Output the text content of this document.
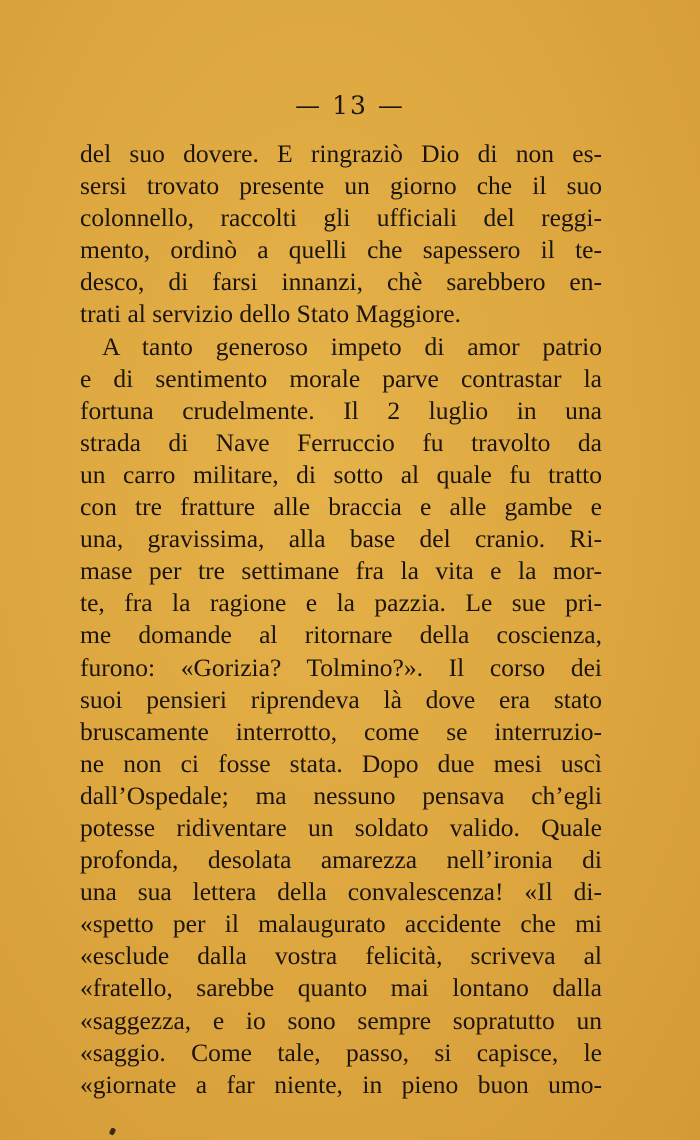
— 13 —
del suo dovere. E ringraziò Dio di non es-
sersi trovato presente un giorno che il suo
colonnello, raccolti gli ufficiali del reggi-
mento, ordinò a quelli che sapessero il te-
desco, di farsi innanzi, chè sarebbero en-
trati al servizio dello Stato Maggiore.
A tanto generoso impeto di amor patrio
e di sentimento morale parve contrastar la
fortuna crudelmente. Il 2 luglio in una
strada di Nave Ferruccio fu travolto da
un carro militare, di sotto al quale fu tratto
con tre fratture alle braccia e alle gambe e
una, gravissima, alla base del cranio. Ri-
mase per tre settimane fra la vita e la mor-
te, fra la ragione e la pazzia. Le sue pri-
me domande al ritornare della coscienza,
furono: «Gorizia? Tolmino?». Il corso dei
suoi pensieri riprendeva là dove era stato
bruscamente interrotto, come se interruzio-
ne non ci fosse stata. Dopo due mesi uscì
dall’Ospedale; ma nessuno pensava ch’egli
potesse ridiventare un soldato valido. Quale
profonda, desolata amarezza nell’ironia di
una sua lettera della convalescenza! «Il di-
«spetto per il malaugurato accidente che mi
«esclude dalla vostra felicità, scriveva al
«fratello, sarebbe quanto mai lontano dalla
«saggezza, e io sono sempre sopratutto un
«saggio. Come tale, passo, si capisce, le
«giornate a far niente, in pieno buon umo-
